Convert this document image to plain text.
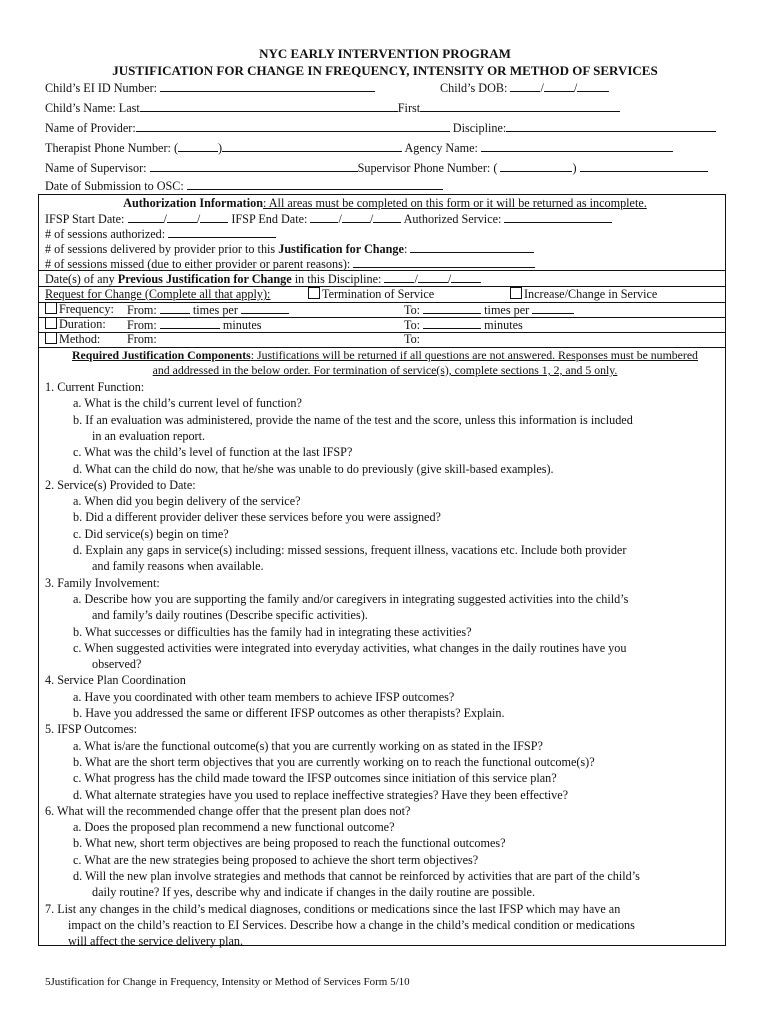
NYC EARLY INTERVENTION PROGRAM
JUSTIFICATION FOR CHANGE IN FREQUENCY, INTENSITY OR METHOD OF SERVICES
Child’s EI ID Number:	Child’s DOB:	/ /
Child’s Name: Last	First
Name of Provider:	Discipline:
Therapist Phone Number: (	)	Agency Name:
Name of Supervisor:	Supervisor Phone Number: (	)
Date of Submission to OSC:
Authorization Information: All areas must be completed on this form or it will be returned as incomplete.
IFSP Start Date:	/ /	IFSP End Date:	/ / Authorized Service:
# of sessions authorized:
# of sessions delivered by provider prior to this Justification for Change:
# of sessions missed (due to either provider or parent reasons):
Date(s) of any Previous Justification for Change in this Discipline:	/ /
Request for Change (Complete all that apply):	Termination of Service	Increase/Change in Service
Frequency: From:	times per	To:	times per
Duration: From:	minutes	To:	minutes
Method: From:	To:
Required Justification Components: Justifications will be returned if all questions are not answered. Responses must be numbered
and addressed in the below order. For termination of service(s), complete sections 1, 2, and 5 only.
1. Current Function:
a. What is the child’s current level of function?
b. If an evaluation was administered, provide the name of the test and the score, unless this information is included
in an evaluation report.
c. What was the child’s level of function at the last IFSP?
d. What can the child do now, that he/she was unable to do previously (give skill-based examples).
2. Service(s) Provided to Date:
a. When did you begin delivery of the service?
b. Did a different provider deliver these services before you were assigned?
c. Did service(s) begin on time?
d. Explain any gaps in service(s) including: missed sessions, frequent illness, vacations etc. Include both provider
and family reasons when available.
3. Family Involvement:
a. Describe how you are supporting the family and/or caregivers in integrating suggested activities into the child’s
and family’s daily routines (Describe specific activities).
b. What successes or difficulties has the family had in integrating these activities?
c. When suggested activities were integrated into everyday activities, what changes in the daily routines have you
observed?
4. Service Plan Coordination
a. Have you coordinated with other team members to achieve IFSP outcomes?
b. Have you addressed the same or different IFSP outcomes as other therapists? Explain.
5. IFSP Outcomes:
a. What is/are the functional outcome(s) that you are currently working on as stated in the IFSP?
b. What are the short term objectives that you are currently working on to reach the functional outcome(s)?
c. What progress has the child made toward the IFSP outcomes since initiation of this service plan?
d. What alternate strategies have you used to replace ineffective strategies? Have they been effective?
6. What will the recommended change offer that the present plan does not?
a. Does the proposed plan recommend a new functional outcome?
b. What new, short term objectives are being proposed to reach the functional outcomes?
c. What are the new strategies being proposed to achieve the short term objectives?
d. Will the new plan involve strategies and methods that cannot be reinforced by activities that are part of the child’s
daily routine? If yes, describe why and indicate if changes in the daily routine are possible.
7. List any changes in the child’s medical diagnoses, conditions or medications since the last IFSP which may have an
impact on the child’s reaction to EI Services. Describe how a change in the child’s medical condition or medications
will affect the service delivery plan.
5Justification for Change in Frequency, Intensity or Method of Services Form 5/10
